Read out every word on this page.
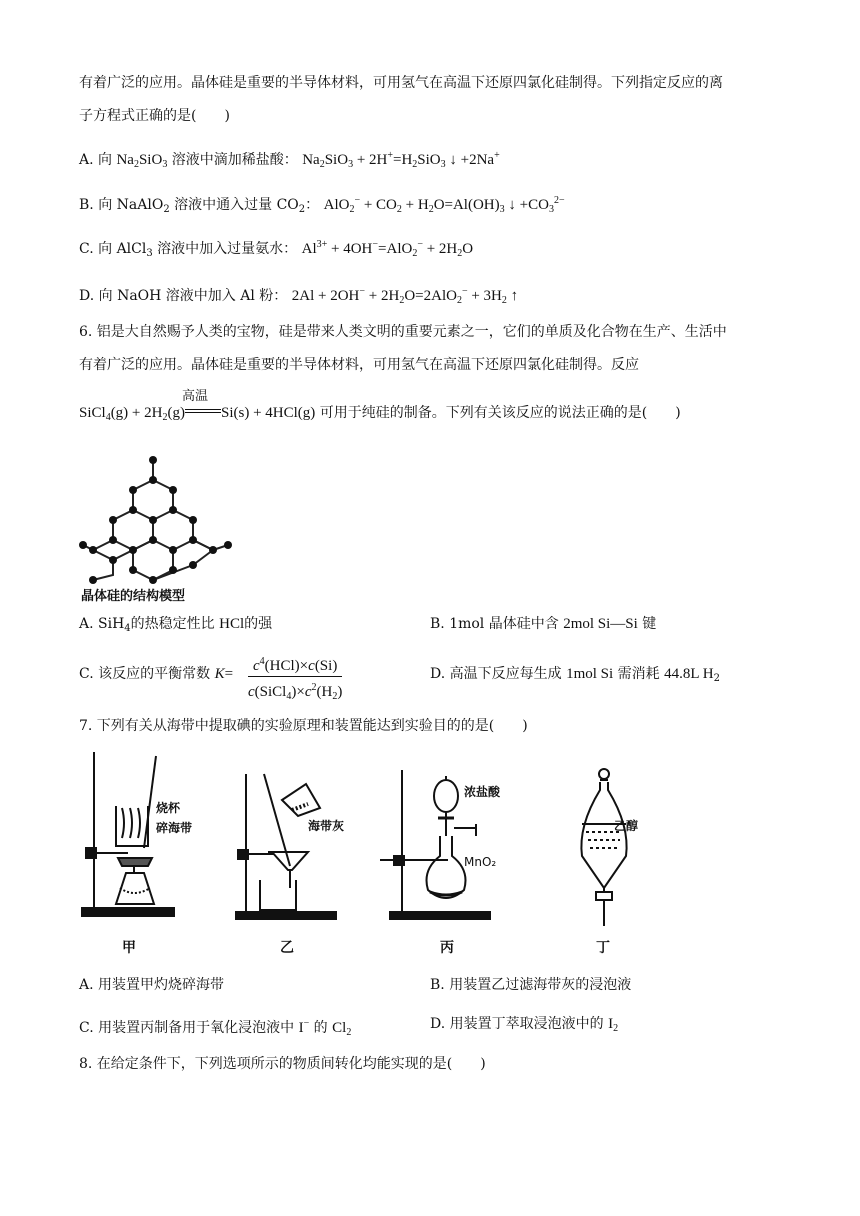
有着广泛的应用。晶体硅是重要的半导体材料，可用氢气在高温下还原四氯化硅制得。下列指定反应的离
子方程式正确的是(　　)
A. 向 $Na_2SiO_3$ 溶液中滴加稀盐酸： $Na_2SiO_3 + 2H^+=H_2SiO_3$ ↓ +2Na+
B. 向 NaAlO$_2$ 溶液中通入过量 $CO_2$： $AlO_2^- + CO_2 + H_2O=Al(OH)_3$ ↓ $+CO_3^{2-}$
C. 向 AlCl$_3$ 溶液中加入过量氨水： $Al^{3+} + 4OH^-=AlO_2^- + 2H_2O$
D. 向 NaOH 溶液中加入 Al 粉： $2Al + 2OH^- + 2H_2O=2AlO_2^- + 3H_2$ ↑
6. 铝是大自然赐予人类的宝物，硅是带来人类文明的重要元素之一，它们的单质及化合物在生产、生活中
有着广泛的应用。晶体硅是重要的半导体材料，可用氢气在高温下还原四氯化硅制得。反应
SiCl$_4$(g) + $2H_2(g)$
高温
Si(s) + 4HCl(g) 可用于纯硅的制备。下列有关该反应的说法正确的是(　　)
晶体硅的结构模型
A. SiH$_4$的热稳定性比 HCl的强	B. 1mol 晶体硅中含 2mol Si—Si 键
C. 该反应的平衡常数 K=	$c^4(HCl)\times c(Si)$
$c(SiCl_4)\times c^2(H_2)$
D. 高温下反应每生成 1mol Si 需消耗 44.8L $H_2$
7. 下列有关从海带中提取碘的实验原理和装置能达到实验目的的是(　　)
烧杯
碎海带
甲
海带灰
乙
浓盐酸
MnO₂
丙
乙醇
丁
A. 用装置甲灼烧碎海带	B. 用装置乙过滤海带灰的浸泡液
C. 用装置丙制备用于氧化浸泡液中 I− 的 $Cl_2$
D. 用装置丁萃取浸泡液中的 $I_2$
8. 在给定条件下，下列选项所示的物质间转化均能实现的是(　　)
